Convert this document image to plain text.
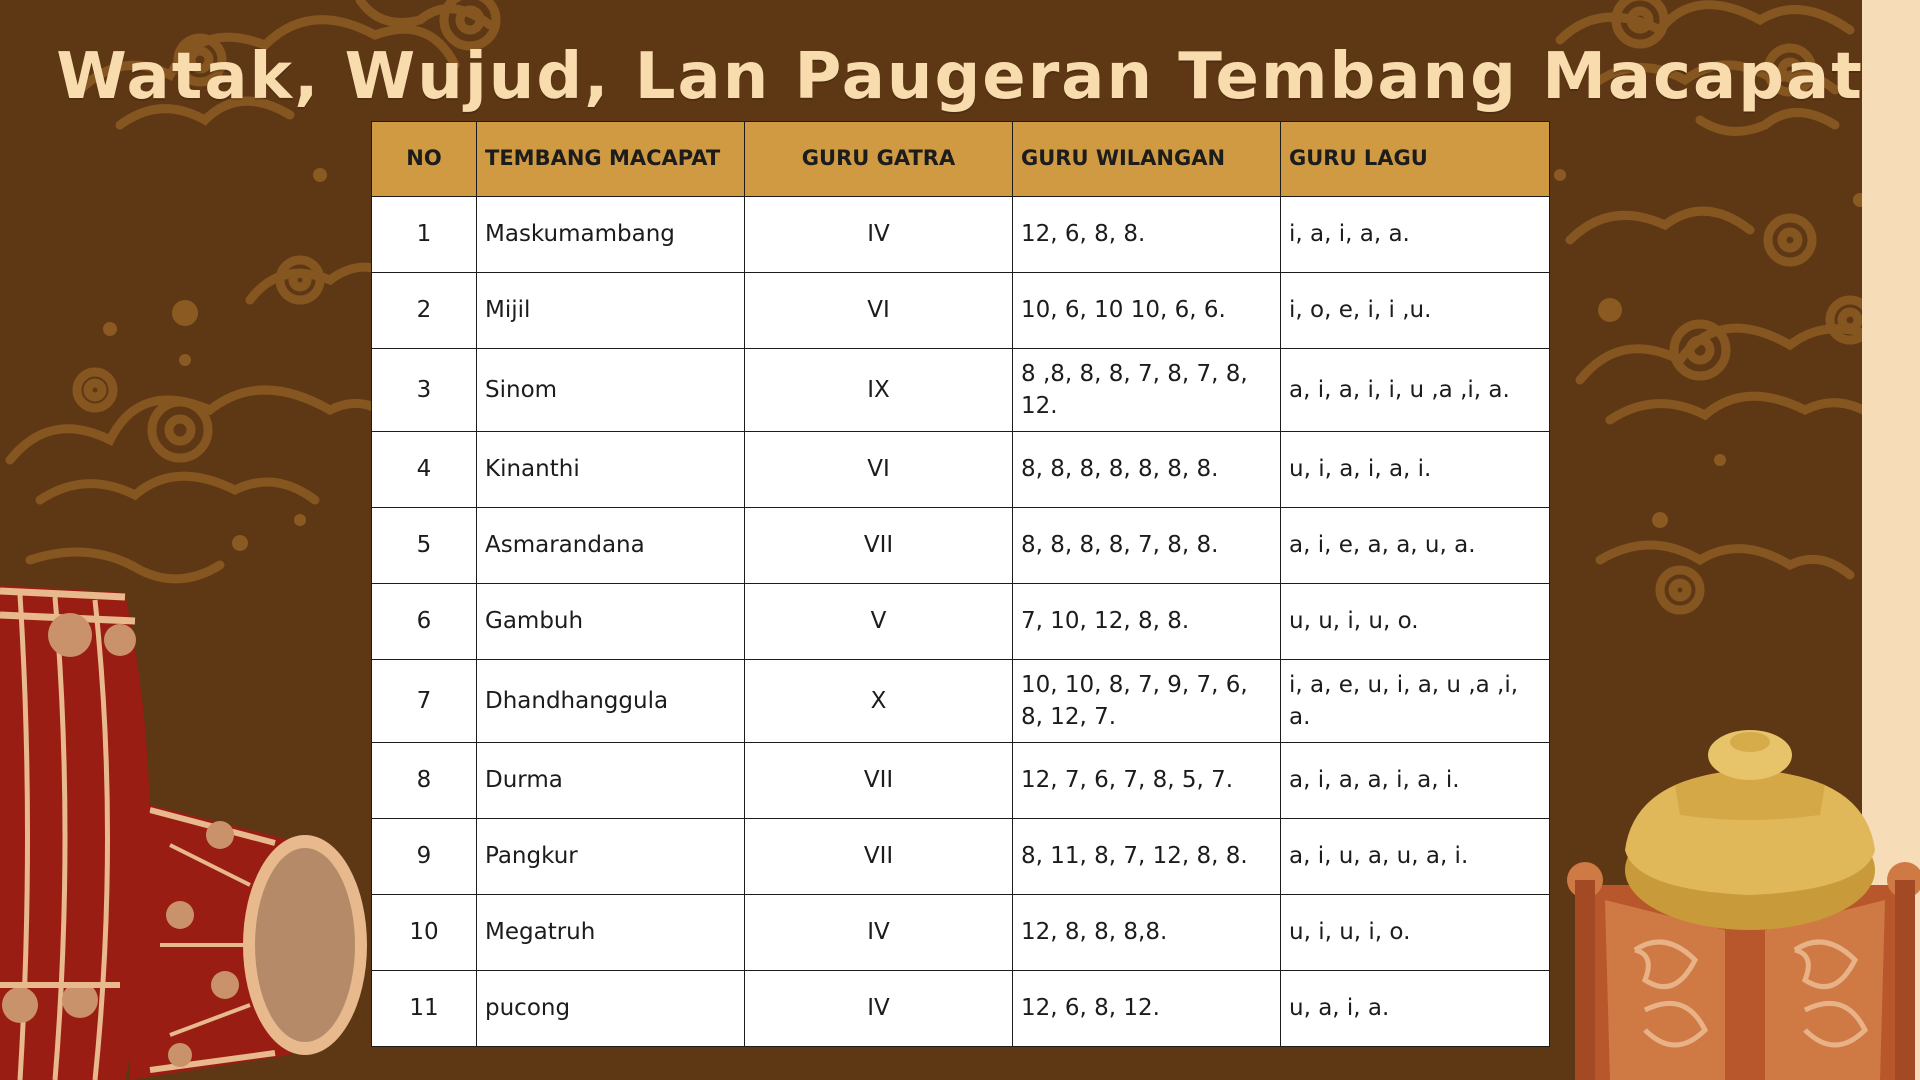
Watak, Wujud, Lan Paugeran Tembang Macapat
NO	TEMBANG MACAPAT	GURU GATRA	GURU WILANGAN	GURU LAGU
1	Maskumambang	IV	12, 6, 8, 8.	i, a, i, a, a.
2	Mijil	VI	10, 6, 10 10, 6, 6.	i, o, e, i, i ,u.
3	Sinom	IX	8 ,8, 8, 8, 7, 8, 7, 8, 12.	a, i, a, i, i, u ,a ,i, a.
4	Kinanthi	VI	8, 8, 8, 8, 8, 8, 8.	u, i, a, i, a, i.
5	Asmarandana	VII	8, 8, 8, 8, 7, 8, 8.	a, i, e, a, a, u, a.
6	Gambuh	V	7, 10, 12, 8, 8.	u, u, i, u, o.
7	Dhandhanggula	X	10, 10, 8, 7, 9, 7, 6, 8, 12, 7.	i, a, e, u, i, a, u ,a ,i, a.
8	Durma	VII	12, 7, 6, 7, 8, 5, 7.	a, i, a, a, i, a, i.
9	Pangkur	VII	8, 11, 8, 7, 12, 8, 8.	a, i, u, a, u, a, i.
10	Megatruh	IV	12, 8, 8, 8,8.	u, i, u, i, o.
11	pucong	IV	12, 6, 8, 12.	u, a, i, a.
